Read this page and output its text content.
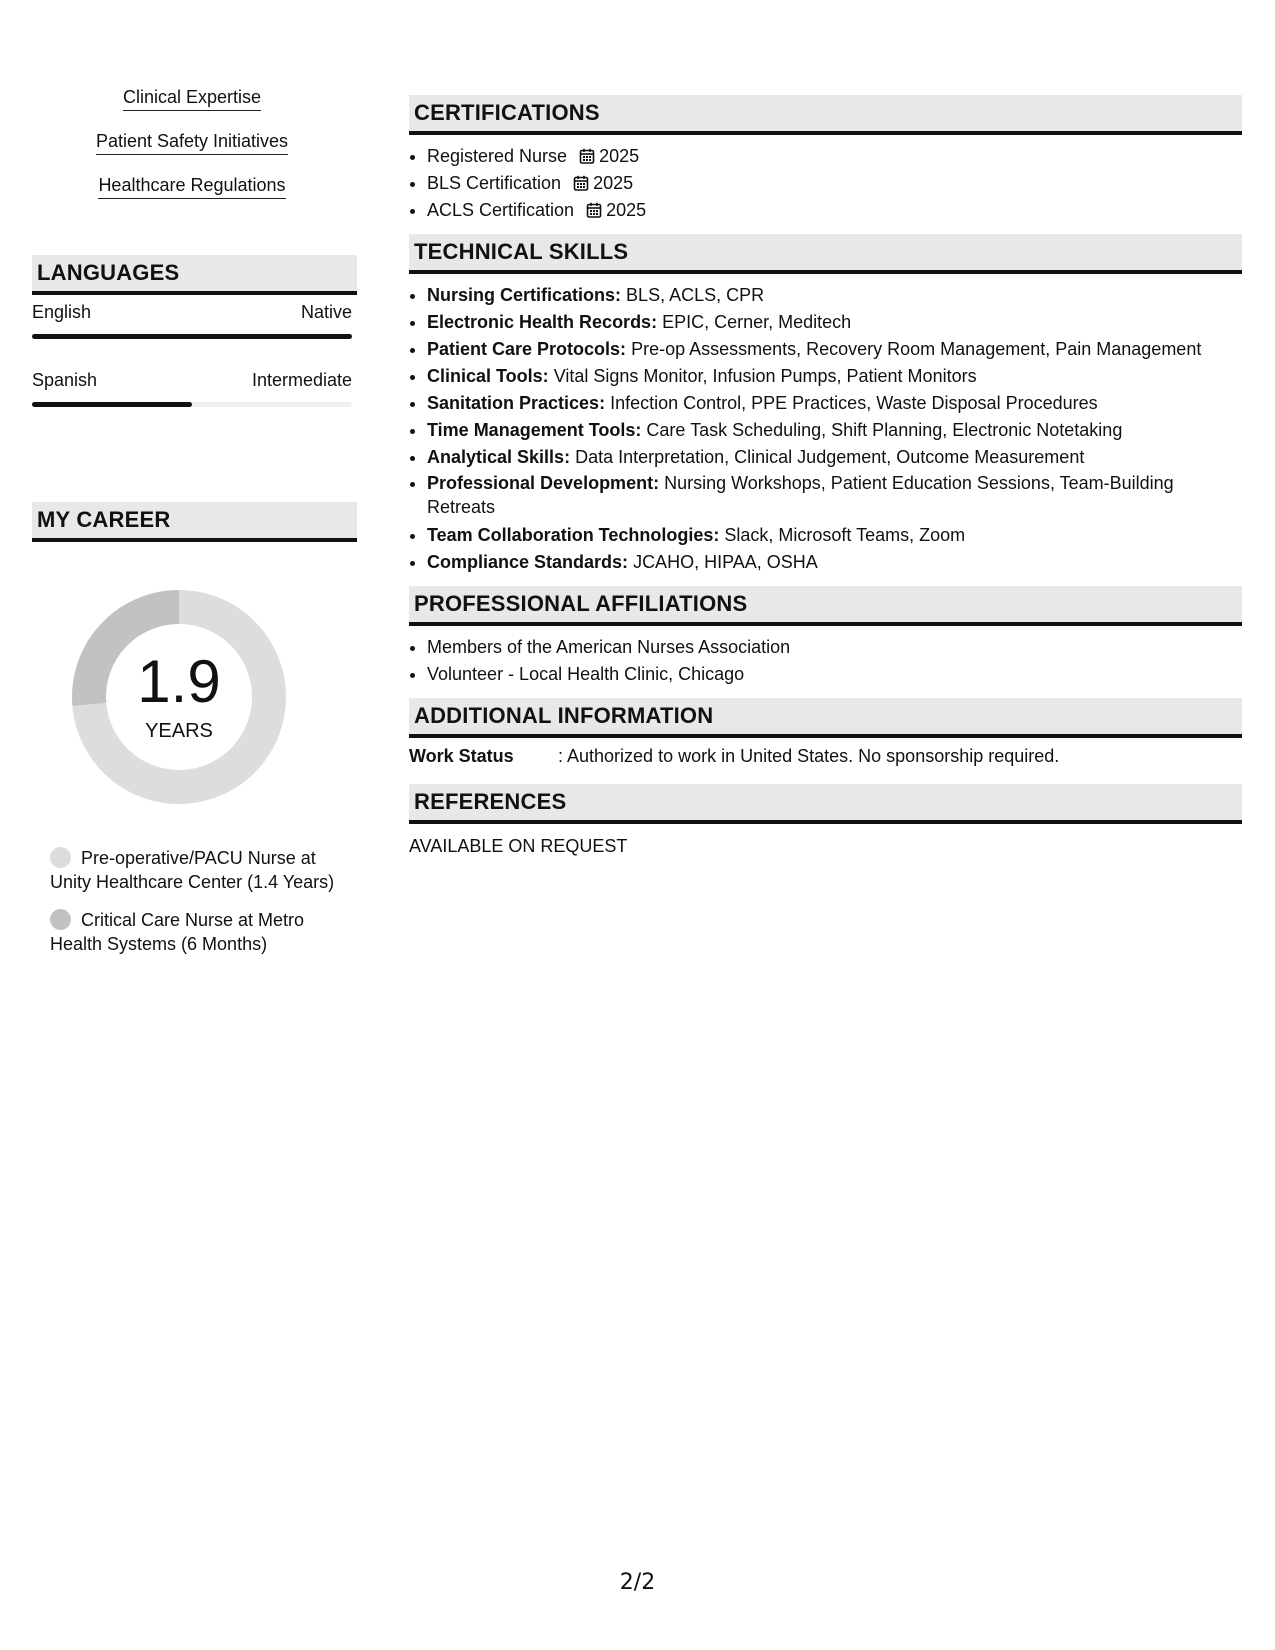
Clinical Expertise
Patient Safety Initiatives
Healthcare Regulations
LANGUAGES
English	Native
Spanish	Intermediate
MY CAREER
1.9
YEARS
Pre-operative/PACU Nurse at Unity Healthcare Center (1.4 Years)
Critical Care Nurse at Metro Health Systems (6 Months)
CERTIFICATIONS
• Registered Nurse 2025
• BLS Certification 2025
• ACLS Certification 2025
TECHNICAL SKILLS
• Nursing Certifications: BLS, ACLS, CPR
• Electronic Health Records: EPIC, Cerner, Meditech
• Patient Care Protocols: Pre-op Assessments, Recovery Room Management, Pain Management
• Clinical Tools: Vital Signs Monitor, Infusion Pumps, Patient Monitors
• Sanitation Practices: Infection Control, PPE Practices, Waste Disposal Procedures
• Time Management Tools: Care Task Scheduling, Shift Planning, Electronic Notetaking
• Analytical Skills: Data Interpretation, Clinical Judgement, Outcome Measurement
• Professional Development: Nursing Workshops, Patient Education Sessions, Team-Building Retreats
• Team Collaboration Technologies: Slack, Microsoft Teams, Zoom
• Compliance Standards: JCAHO, HIPAA, OSHA
PROFESSIONAL AFFILIATIONS
• Members of the American Nurses Association
• Volunteer - Local Health Clinic, Chicago
ADDITIONAL INFORMATION
Work Status : Authorized to work in United States. No sponsorship required.
REFERENCES
AVAILABLE ON REQUEST
2/2
